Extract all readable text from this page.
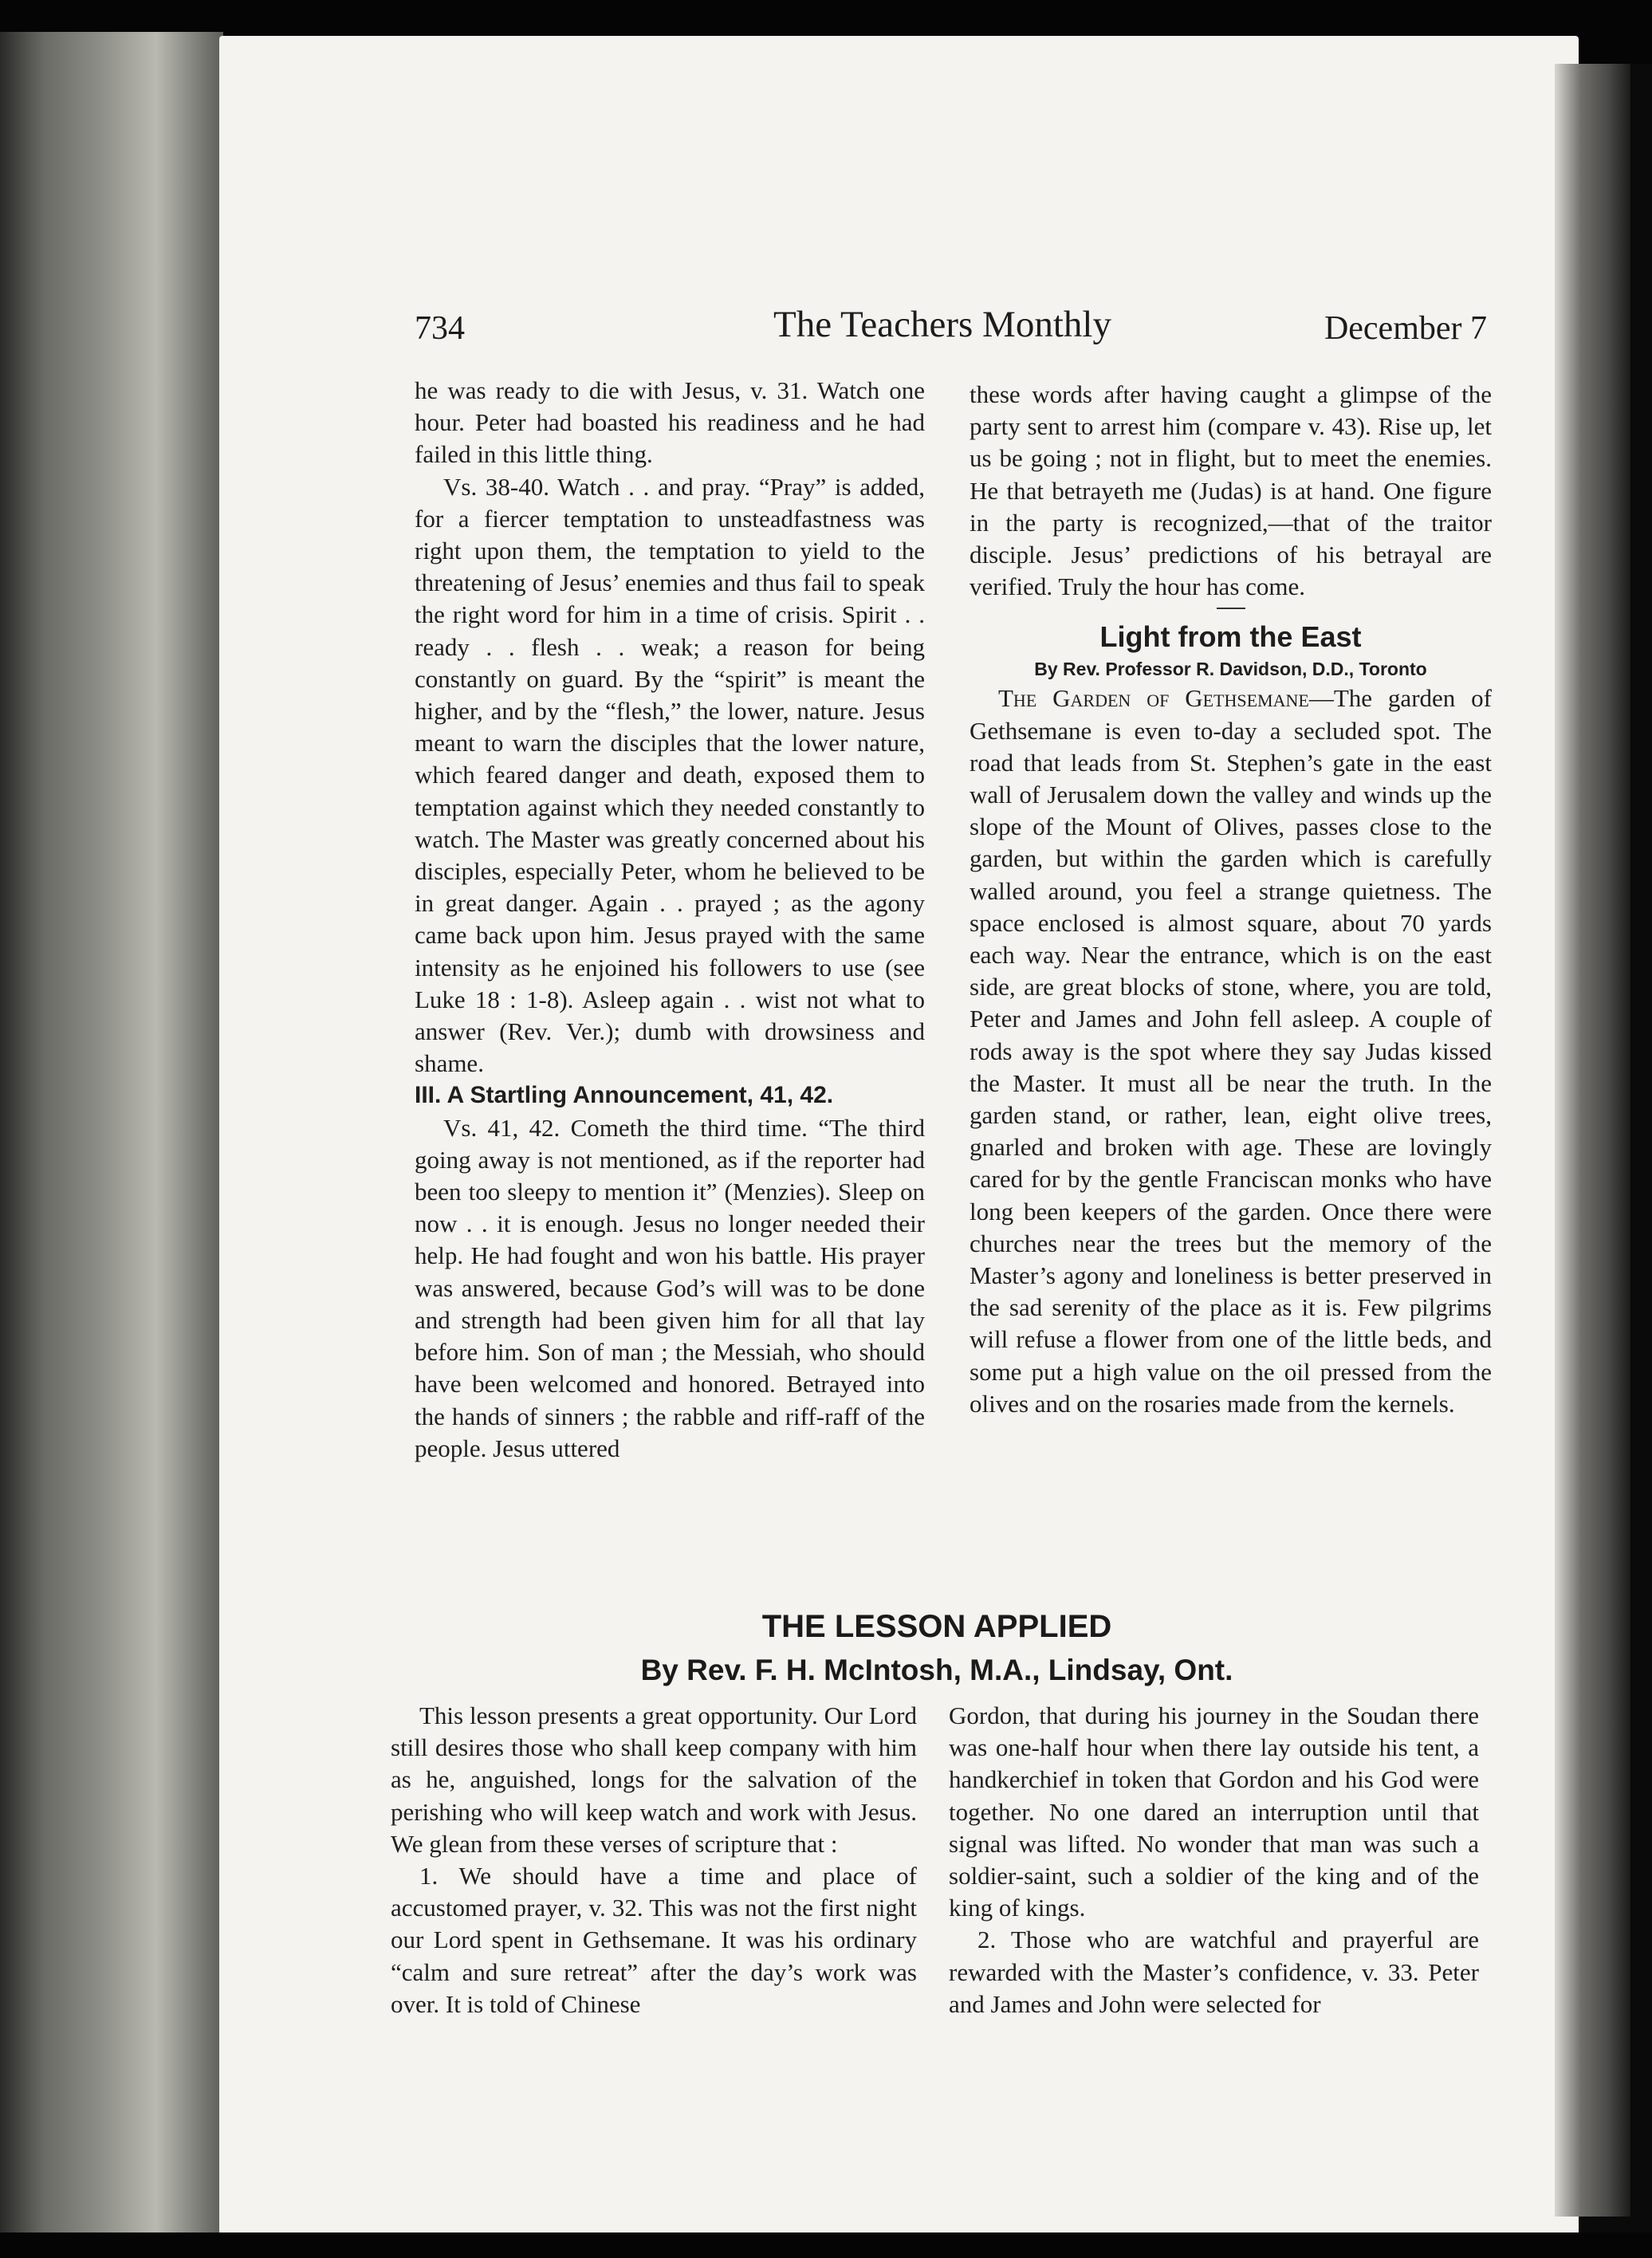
734	The Teachers Monthly	December 7

he was ready to die with Jesus, v. 31. Watch one hour. Peter had boasted his readiness and he had failed in this little thing.

Vs. 38-40. Watch . . and pray. “Pray” is added, for a fiercer temptation to unsteadfastness was right upon them, the temptation to yield to the threatening of Jesus’ enemies and thus fail to speak the right word for him in a time of crisis. Spirit . . ready . . flesh . . weak; a reason for being constantly on guard. By the “spirit” is meant the higher, and by the “flesh,” the lower, nature. Jesus meant to warn the disciples that the lower nature, which feared danger and death, exposed them to temptation against which they needed constantly to watch. The Master was greatly concerned about his disciples, especially Peter, whom he believed to be in great danger. Again . . prayed ; as the agony came back upon him. Jesus prayed with the same intensity as he enjoined his followers to use (see Luke 18 : 1-8). Asleep again . . wist not what to answer (Rev. Ver.); dumb with drowsiness and shame.

III. A Startling Announcement, 41, 42.

Vs. 41, 42. Cometh the third time. “The third going away is not mentioned, as if the reporter had been too sleepy to mention it” (Menzies). Sleep on now . . it is enough. Jesus no longer needed their help. He had fought and won his battle. His prayer was answered, because God’s will was to be done and strength had been given him for all that lay before him. Son of man ; the Messiah, who should have been welcomed and honored. Betrayed into the hands of sinners ; the rabble and riff-raff of the people. Jesus uttered

these words after having caught a glimpse of the party sent to arrest him (compare v. 43). Rise up, let us be going ; not in flight, but to meet the enemies. He that betrayeth me (Judas) is at hand. One figure in the party is recognized,—that of the traitor disciple. Jesus’ predictions of his betrayal are verified. Truly the hour has come.

Light from the East

By Rev. Professor R. Davidson, D.D., Toronto

The Garden of Gethsemane—The garden of Gethsemane is even to-day a secluded spot. The road that leads from St. Stephen’s gate in the east wall of Jerusalem down the valley and winds up the slope of the Mount of Olives, passes close to the garden, but within the garden which is carefully walled around, you feel a strange quietness. The space enclosed is almost square, about 70 yards each way. Near the entrance, which is on the east side, are great blocks of stone, where, you are told, Peter and James and John fell asleep. A couple of rods away is the spot where they say Judas kissed the Master. It must all be near the truth. In the garden stand, or rather, lean, eight olive trees, gnarled and broken with age. These are lovingly cared for by the gentle Franciscan monks who have long been keepers of the garden. Once there were churches near the trees but the memory of the Master’s agony and loneliness is better preserved in the sad serenity of the place as it is. Few pilgrims will refuse a flower from one of the little beds, and some put a high value on the oil pressed from the olives and on the rosaries made from the kernels.

THE LESSON APPLIED
By Rev. F. H. McIntosh, M.A., Lindsay, Ont.

This lesson presents a great opportunity. Our Lord still desires those who shall keep company with him as he, anguished, longs for the salvation of the perishing who will keep watch and work with Jesus. We glean from these verses of scripture that :

1. We should have a time and place of accustomed prayer, v. 32. This was not the first night our Lord spent in Gethsemane. It was his ordinary “calm and sure retreat” after the day’s work was over. It is told of Chinese

Gordon, that during his journey in the Soudan there was one-half hour when there lay outside his tent, a handkerchief in token that Gordon and his God were together. No one dared an interruption until that signal was lifted. No wonder that man was such a soldier-saint, such a soldier of the king and of the king of kings.

2. Those who are watchful and prayerful are rewarded with the Master’s confidence, v. 33. Peter and James and John were selected for
